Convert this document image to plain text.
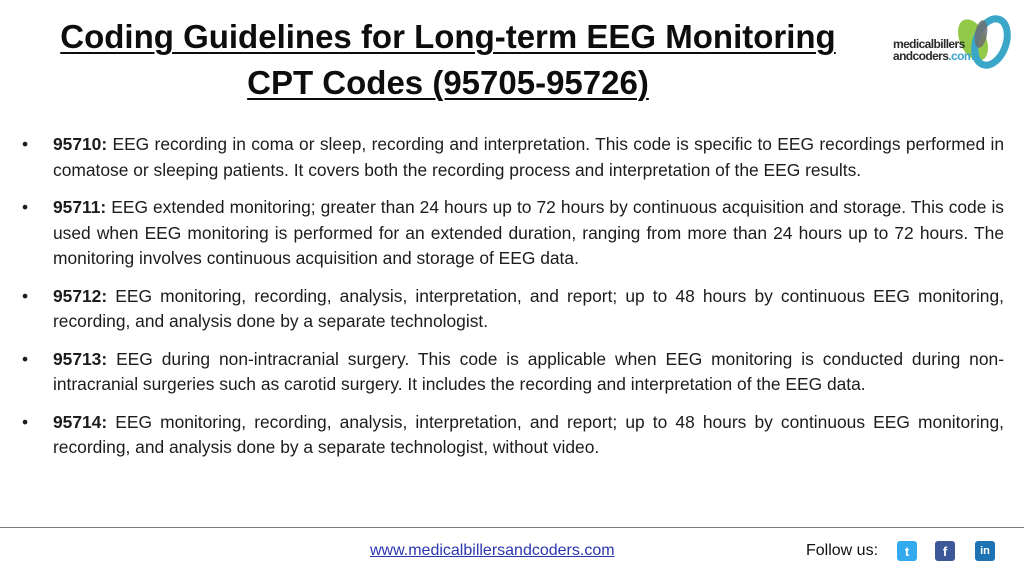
Coding Guidelines for Long-term EEG Monitoring
CPT Codes (95705-95726)
medicalbillers
andcoders.com
• 95710: EEG recording in coma or sleep, recording and interpretation. This code is specific to EEG recordings performed in comatose or sleeping patients. It covers both the recording process and interpretation of the EEG results.
• 95711: EEG extended monitoring; greater than 24 hours up to 72 hours by continuous acquisition and storage. This code is used when EEG monitoring is performed for an extended duration, ranging from more than 24 hours up to 72 hours. The monitoring involves continuous acquisition and storage of EEG data.
• 95712: EEG monitoring, recording, analysis, interpretation, and report; up to 48 hours by continuous EEG monitoring, recording, and analysis done by a separate technologist.
• 95713: EEG during non-intracranial surgery. This code is applicable when EEG monitoring is conducted during non-intracranial surgeries such as carotid surgery. It includes the recording and interpretation of the EEG data.
• 95714: EEG monitoring, recording, analysis, interpretation, and report; up to 48 hours by continuous EEG monitoring, recording, and analysis done by a separate technologist, without video.
www.medicalbillersandcoders.com	Follow us:	t	f	in
